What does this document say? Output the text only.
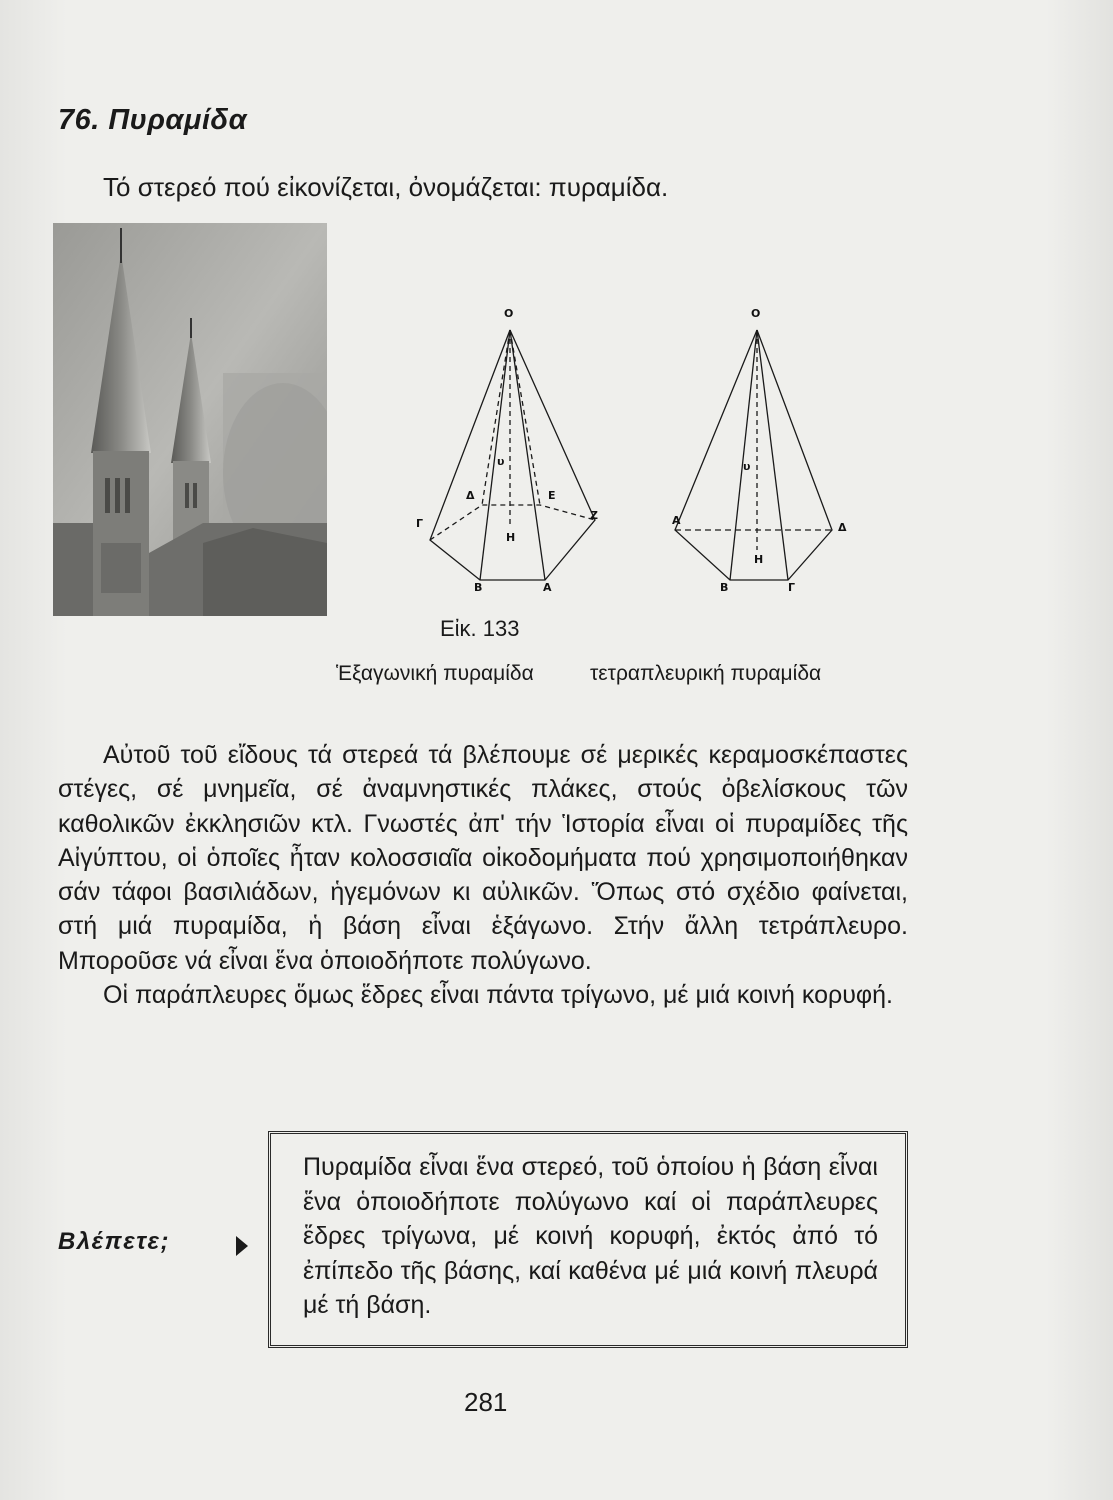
76. Πυραμίδα
Τό στερεό πού εἰκονίζεται, ὀνομάζεται: πυραμίδα.
Ο
υ
Η
Γ
Δ	Ε
Ζ
Β	Α
Ο
υ
Η
Α
Δ
Β	Γ
Εἰκ. 133
Ἑξαγωνική πυραμίδα	τετραπλευρική πυραμίδα

Αὐτοῦ τοῦ εἴδους τά στερεά τά βλέπουμε σέ μερικές κεραμοσκέπαστες στέγες, σέ μνημεῖα, σέ ἀναμνηστικές πλάκες, στούς ὀβελίσκους τῶν καθολικῶν ἐκκλησιῶν κτλ. Γνωστές ἀπ' τήν Ἱστορία εἶναι οἱ πυραμίδες τῆς Αἰγύπτου, οἱ ὁποῖες ἦταν κολοσσιαῖα οἰκοδομήματα πού χρησιμοποιήθηκαν σάν τάφοι βασιλιάδων, ἡγεμόνων κι αὐλικῶν. Ὅπως στό σχέδιο φαίνεται, στή μιά πυραμίδα, ἡ βάση εἶναι ἑξάγωνο. Στήν ἄλλη τετράπλευρο. Μποροῦσε νά εἶναι ἕνα ὁποιοδήποτε πολύγωνο.

Οἱ παράπλευρες ὅμως ἕδρες εἶναι πάντα τρίγωνο, μέ μιά κοινή κορυφή.

Βλέπετε;
Πυραμίδα εἶναι ἕνα στερεό, τοῦ ὁποίου ἡ βάση εἶναι ἕνα ὁποιοδήποτε πολύγωνο καί οἱ παράπλευρες ἕδρες τρίγωνα, μέ κοινή κορυφή, ἐκτός ἀπό τό ἐπίπεδο τῆς βάσης, καί καθένα μέ μιά κοινή πλευρά μέ τή βάση.
281
